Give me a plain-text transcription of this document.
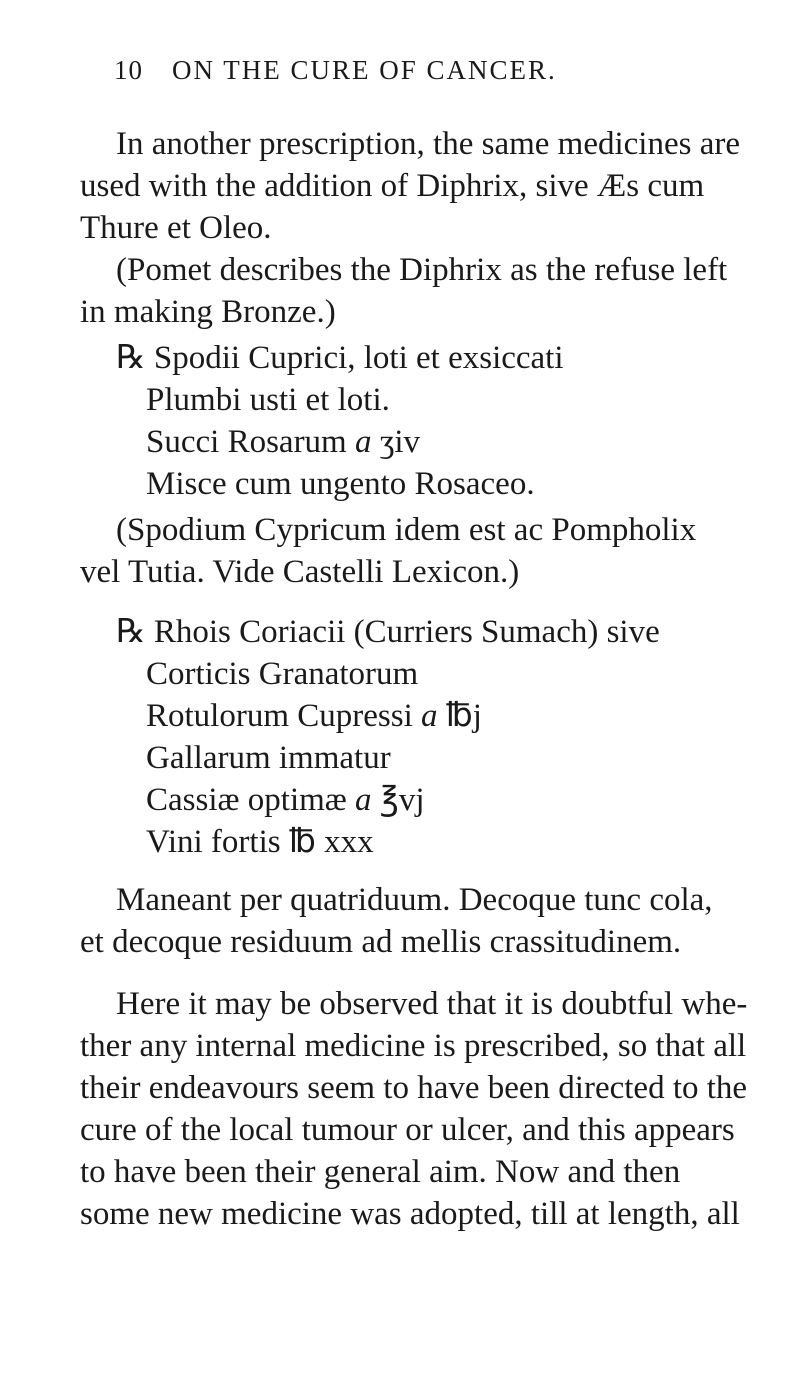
10 ON THE CURE OF CANCER.
In another prescription, the same medicines are
used with the addition of Diphrix, sive Æs cum
Thure et Oleo.
(Pomet describes the Diphrix as the refuse left
in making Bronze.)
℞ Spodii Cuprici, loti et exsiccati
Plumbi usti et loti.
Succi Rosarum a ʒiv
Misce cum ungento Rosaceo.
(Spodium Cypricum idem est ac Pompholix
vel Tutia. Vide Castelli Lexicon.)
℞ Rhois Coriacii (Curriers Sumach) sive
Corticis Granatorum
Rotulorum Cupressi a ℔j
Gallarum immatur
Cassiæ optimæ a ℥vj
Vini fortis ℔ xxx
Maneant per quatriduum. Decoque tunc cola,
et decoque residuum ad mellis crassitudinem.
Here it may be observed that it is doubtful whe-
ther any internal medicine is prescribed, so that all
their endeavours seem to have been directed to the
cure of the local tumour or ulcer, and this appears
to have been their general aim. Now and then
some new medicine was adopted, till at length, all
